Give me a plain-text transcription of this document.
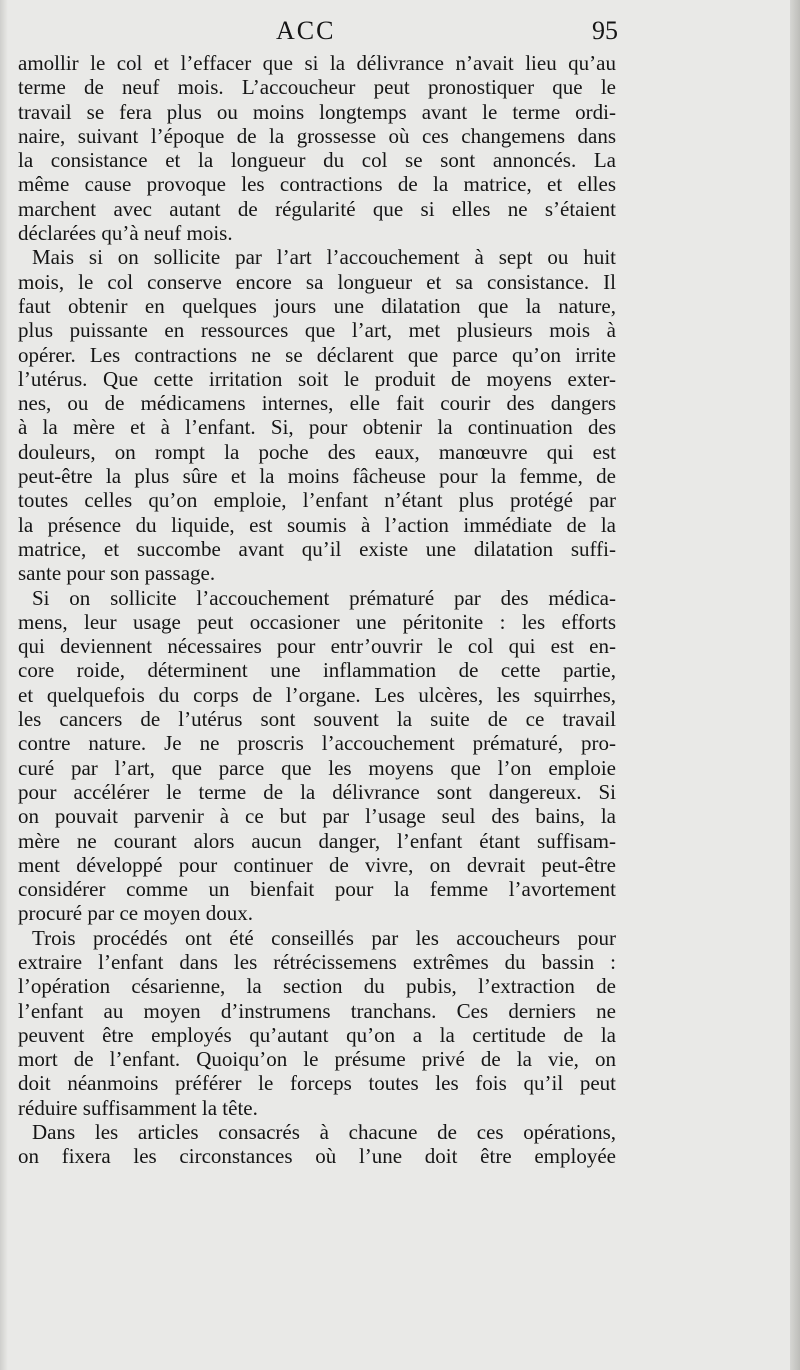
ACC	95
amollir le col et l’effacer que si la délivrance n’avait lieu qu’au
terme de neuf mois. L’accoucheur peut pronostiquer que le
travail se fera plus ou moins longtemps avant le terme ordi-
naire, suivant l’époque de la grossesse où ces changemens dans
la consistance et la longueur du col se sont annoncés. La
même cause provoque les contractions de la matrice, et elles
marchent avec autant de régularité que si elles ne s’étaient
déclarées qu’à neuf mois.
Mais si on sollicite par l’art l’accouchement à sept ou huit
mois, le col conserve encore sa longueur et sa consistance. Il
faut obtenir en quelques jours une dilatation que la nature,
plus puissante en ressources que l’art, met plusieurs mois à
opérer. Les contractions ne se déclarent que parce qu’on irrite
l’utérus. Que cette irritation soit le produit de moyens exter-
nes, ou de médicamens internes, elle fait courir des dangers
à la mère et à l’enfant. Si, pour obtenir la continuation des
douleurs, on rompt la poche des eaux, manœuvre qui est
peut-être la plus sûre et la moins fâcheuse pour la femme, de
toutes celles qu’on emploie, l’enfant n’étant plus protégé par
la présence du liquide, est soumis à l’action immédiate de la
matrice, et succombe avant qu’il existe une dilatation suffi-
sante pour son passage.
Si on sollicite l’accouchement prématuré par des médica-
mens, leur usage peut occasioner une péritonite : les efforts
qui deviennent nécessaires pour entr’ouvrir le col qui est en-
core roide, déterminent une inflammation de cette partie,
et quelquefois du corps de l’organe. Les ulcères, les squirrhes,
les cancers de l’utérus sont souvent la suite de ce travail
contre nature. Je ne proscris l’accouchement prématuré, pro-
curé par l’art, que parce que les moyens que l’on emploie
pour accélérer le terme de la délivrance sont dangereux. Si
on pouvait parvenir à ce but par l’usage seul des bains, la
mère ne courant alors aucun danger, l’enfant étant suffisam-
ment développé pour continuer de vivre, on devrait peut-être
considérer comme un bienfait pour la femme l’avortement
procuré par ce moyen doux.
Trois procédés ont été conseillés par les accoucheurs pour
extraire l’enfant dans les rétrécissemens extrêmes du bassin :
l’opération césarienne, la section du pubis, l’extraction de
l’enfant au moyen d’instrumens tranchans. Ces derniers ne
peuvent être employés qu’autant qu’on a la certitude de la
mort de l’enfant. Quoiqu’on le présume privé de la vie, on
doit néanmoins préférer le forceps toutes les fois qu’il peut
réduire suffisamment la tête.
Dans les articles consacrés à chacune de ces opérations,
on fixera les circonstances où l’une doit être employée
